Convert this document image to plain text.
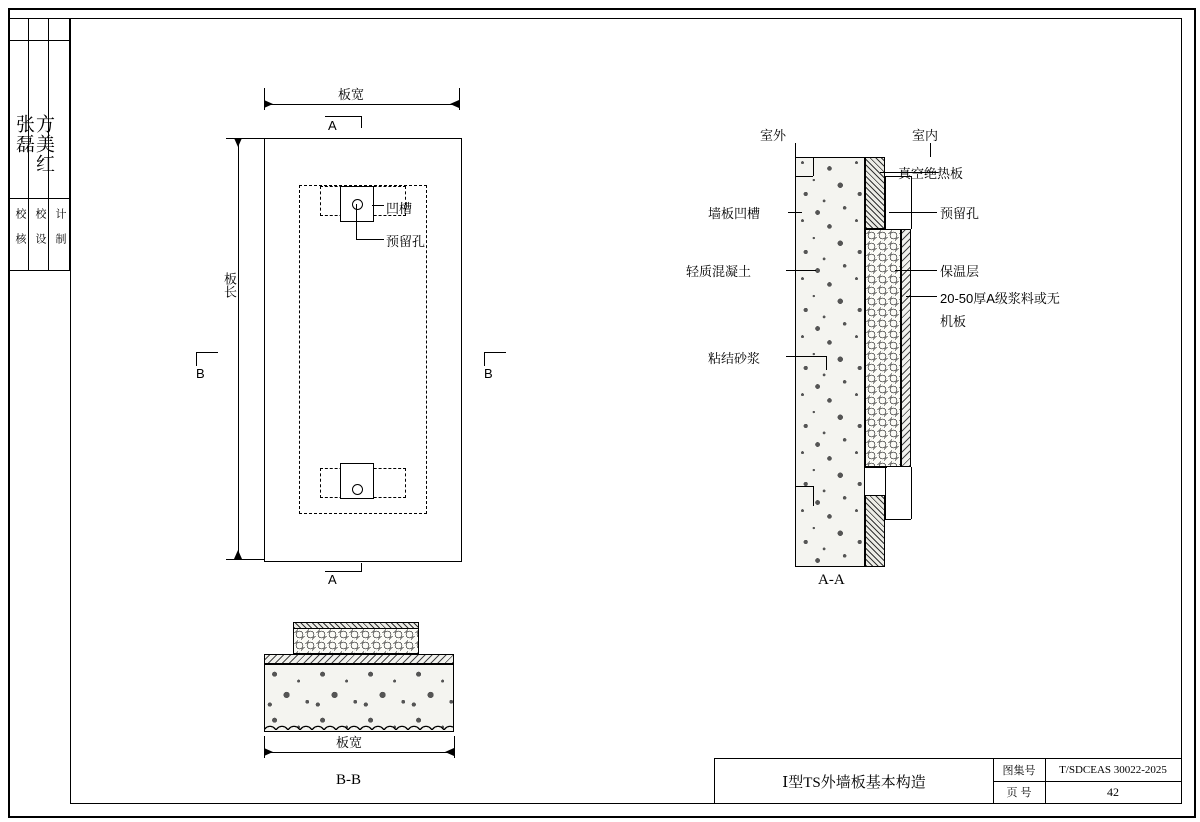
张磊 方美红
校 核 校 设 计 制
板宽
板长
凹槽
预留孔
A
A
B	B
室外	室内
真空绝热板
预留孔
保温层
20-50厚A级浆料或无
机板
墙板凹槽
轻质混凝土
粘结砂浆
A-A
板宽
B-B	Ⅰ型TS外墙板基本构造
图集号	T/SDCEAS 30022-2025
页 号	42
